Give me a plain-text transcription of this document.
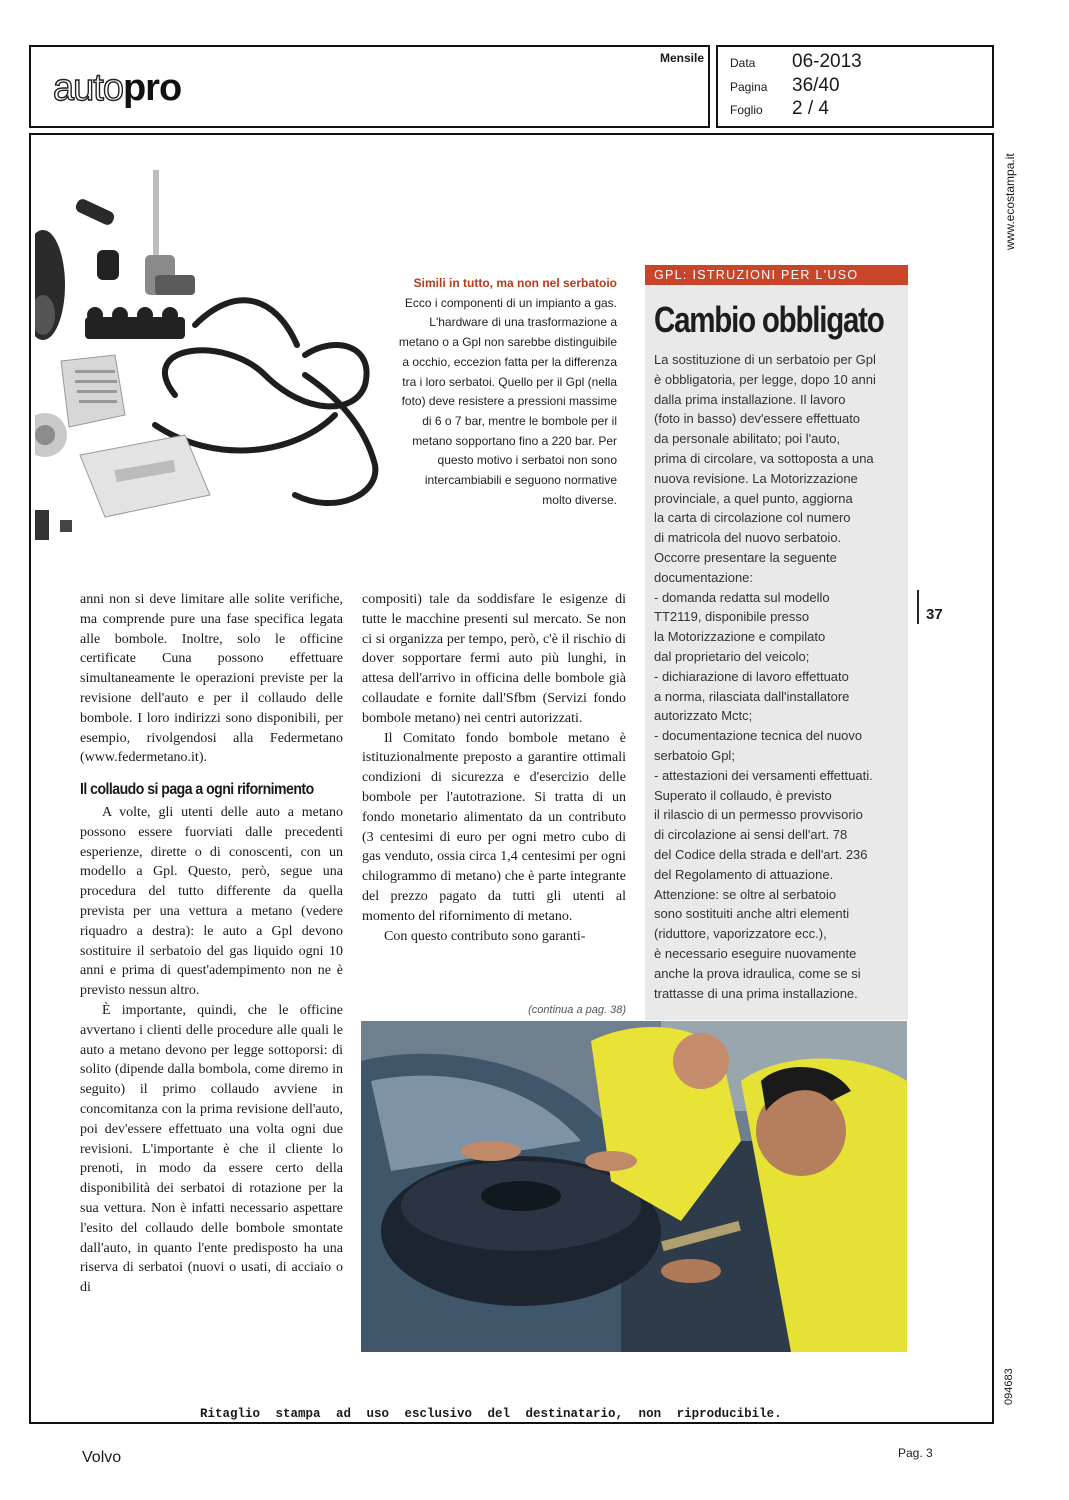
autopro
Mensile Data 06-2013
Pagina 36/40
Foglio 2 / 4
www.ecostampa.it
094683
Simili in tutto, ma non nel serbatoio
Ecco i componenti di un impianto a gas. L'hardware di una trasformazione a metano o a Gpl non sarebbe distinguibile a occhio, eccezion fatta per la differenza tra i loro serbatoi. Quello per il Gpl (nella foto) deve resistere a pressioni massime di 6 o 7 bar, mentre le bombole per il metano sopportano fino a 220 bar. Per questo motivo i serbatoi non sono intercambiabili e seguono normative molto diverse.
GPL: ISTRUZIONI PER L'USO
Cambio obbligato
La sostituzione di un serbatoio per Gpl
è obbligatoria, per legge, dopo 10 anni
dalla prima installazione. Il lavoro
(foto in basso) dev'essere effettuato
da personale abilitato; poi l'auto,
prima di circolare, va sottoposta a una
nuova revisione. La Motorizzazione
provinciale, a quel punto, aggiorna
la carta di circolazione col numero
di matricola del nuovo serbatoio.
Occorre presentare la seguente
documentazione:
- domanda redatta sul modello
TT2119, disponibile presso
la Motorizzazione e compilato
dal proprietario del veicolo;
- dichiarazione di lavoro effettuato
a norma, rilasciata dall'installatore
autorizzato Mctc;
- documentazione tecnica del nuovo
serbatoio Gpl;
- attestazioni dei versamenti effettuati.
Superato il collaudo, è previsto
il rilascio di un permesso provvisorio
di circolazione ai sensi dell'art. 78
del Codice della strada e dell'art. 236
del Regolamento di attuazione.
Attenzione: se oltre al serbatoio
sono sostituiti anche altri elementi
(riduttore, vaporizzatore ecc.),
è necessario eseguire nuovamente
anche la prova idraulica, come se si
trattasse di una prima installazione.
37

anni non si deve limitare alle solite verifiche, ma comprende pure una fase specifica legata alle bombole. Inoltre, solo le officine certificate Cuna possono effettuare simultaneamente le operazioni previste per la revisione dell'auto e per il collaudo delle bombole. I loro indirizzi sono disponibili, per esempio, rivolgendosi alla Federmetano (www.federmetano.it).

Il collaudo si paga a ogni rifornimento

A volte, gli utenti delle auto a metano possono essere fuorviati dalle precedenti esperienze, dirette o di conoscenti, con un modello a Gpl. Questo, però, segue una procedura del tutto differente da quella prevista per una vettura a metano (vedere riquadro a destra): le auto a Gpl devono sostituire il serbatoio del gas liquido ogni 10 anni e prima di quest'adempimento non ne è previsto nessun altro.

È importante, quindi, che le officine avvertano i clienti delle procedure alle quali le auto a metano devono per legge sottoporsi: di solito (dipende dalla bombola, come diremo in seguito) il primo collaudo avviene in concomitanza con la prima revisione dell'auto, poi dev'essere effettuato una volta ogni due revisioni. L'importante è che il cliente lo prenoti, in modo da essere certo della disponibilità dei serbatoi di rotazione per la sua vettura. Non è infatti necessario aspettare l'esito del collaudo delle bombole smontate dall'auto, in quanto l'ente predisposto ha una riserva di serbatoi (nuovi o usati, di acciaio o di

compositi) tale da soddisfare le esigenze di tutte le macchine presenti sul mercato. Se non ci si organizza per tempo, però, c'è il rischio di dover sopportare fermi auto più lunghi, in attesa dell'arrivo in officina delle bombole già collaudate e fornite dall'Sfbm (Servizi fondo bombole metano) nei centri autorizzati.

Il Comitato fondo bombole metano è istituzionalmente preposto a garantire ottimali condizioni di sicurezza e d'esercizio delle bombole per l'autotrazione. Si tratta di un fondo monetario alimentato da un contributo (3 centesimi di euro per ogni metro cubo di gas venduto, ossia circa 1,4 centesimi per ogni chilogrammo di metano) che è parte integrante del prezzo pagato da tutti gli utenti al momento del rifornimento di metano.

Con questo contributo sono garanti-

(continua a pag. 38)
Ritaglio stampa ad uso esclusivo del destinatario, non riproducibile.
Volvo	Pag. 3
